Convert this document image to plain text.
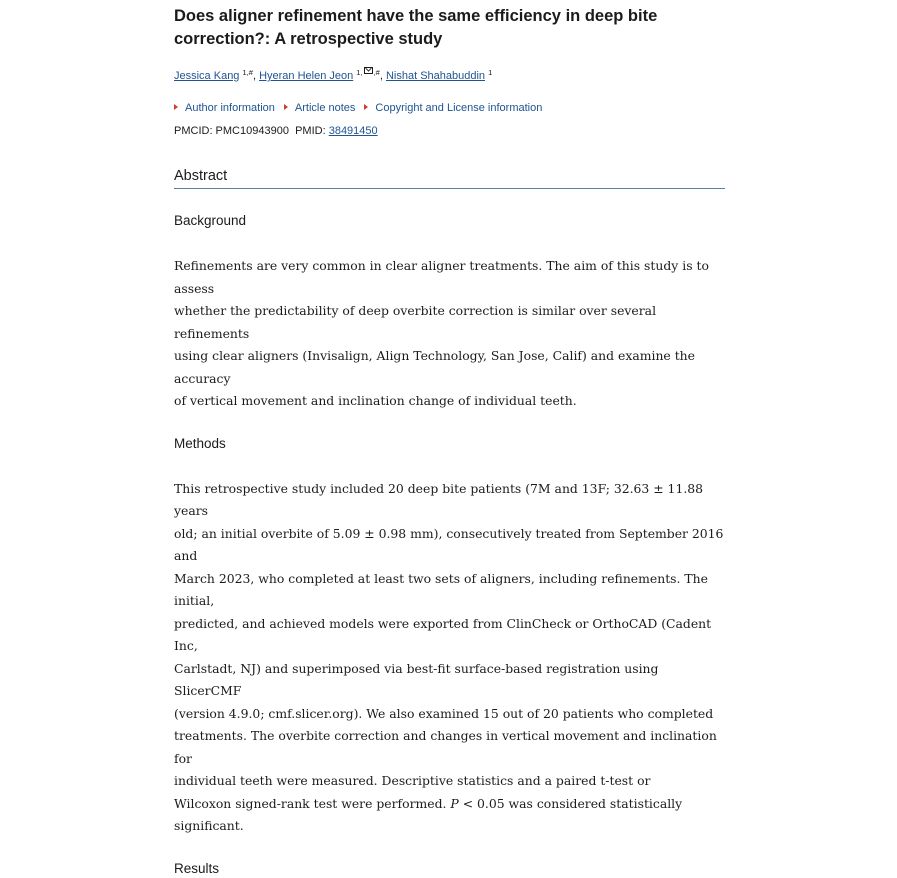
Does aligner refinement have the same efficiency in deep bite correction?: A retrospective study
Jessica Kang $^{1,\#}$, Hyeran Helen Jeon $^{1, ,\#}$, Nishat Shahabuddin $^1$
Author information	Article notes	Copyright and License information
PMCID: PMC10943900 PMID: 38491450
Abstract
Background

Refinements are very common in clear aligner treatments. The aim of this study is to assess
whether the predictability of deep overbite correction is similar over several refinements
using clear aligners (Invisalign, Align Technology, San Jose, Calif) and examine the accuracy
of vertical movement and inclination change of individual teeth.

Methods

This retrospective study included 20 deep bite patients (7M and 13F; 32.63 ± 11.88 years
old; an initial overbite of 5.09 ± 0.98 mm), consecutively treated from September 2016 and
March 2023, who completed at least two sets of aligners, including refinements. The initial,
predicted, and achieved models were exported from ClinCheck or OrthoCAD (Cadent Inc,
Carlstadt, NJ) and superimposed via best-fit surface-based registration using SlicerCMF
(version 4.9.0; cmf.slicer.org). We also examined 15 out of 20 patients who completed
treatments. The overbite correction and changes in vertical movement and inclination for
individual teeth were measured. Descriptive statistics and a paired t-test or
Wilcoxon signed-rank test were performed. P < 0.05 was considered statistically significant.

Results
